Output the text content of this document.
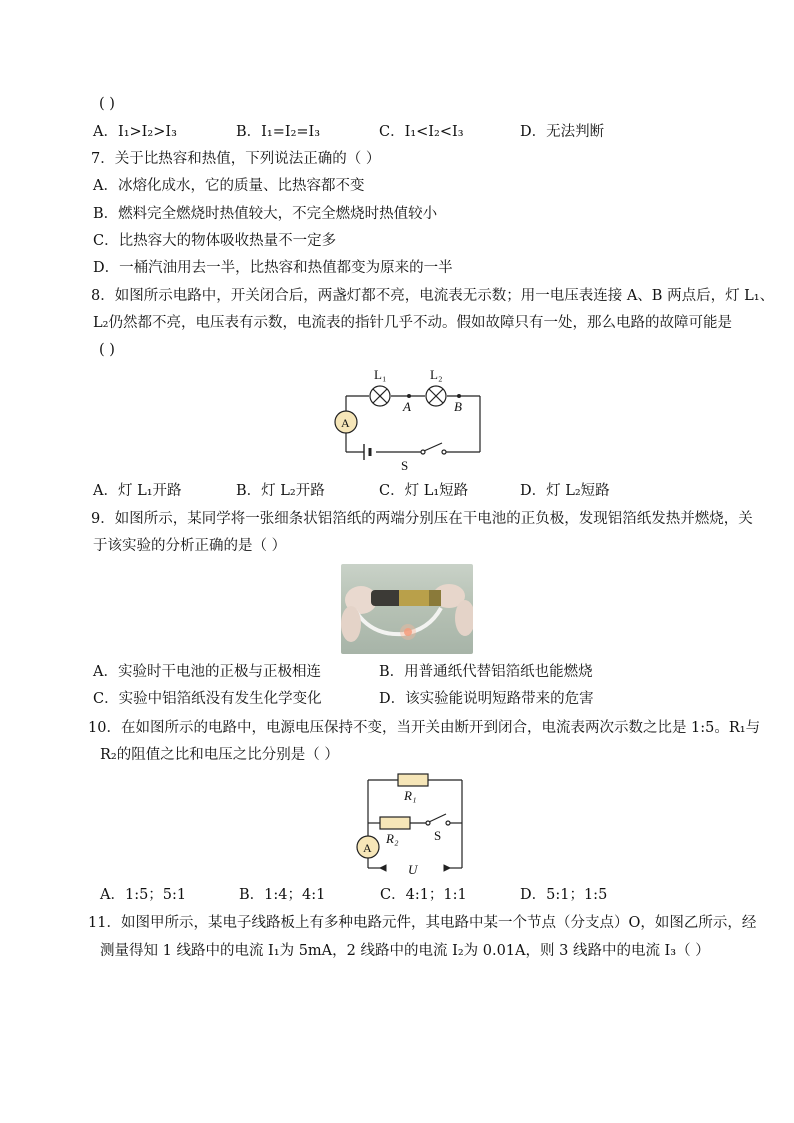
( )
A．I₁>I₂>I₃	B．I₁=I₂=I₃	C．I₁<I₂<I₃	D．无法判断
7．关于比热容和热值，下列说法正确的（ ）
A．冰熔化成水，它的质量、比热容都不变
B．燃料完全燃烧时热值较大，不完全燃烧时热值较小
C．比热容大的物体吸收热量不一定多
D．一桶汽油用去一半，比热容和热值都变为原来的一半
8．如图所示电路中，开关闭合后，两盏灯都不亮，电流表无示数；用一电压表连接 A、B 两点后，灯 L₁、
L₂仍然都不亮，电压表有示数，电流表的指针几乎不动。假如故障只有一处，那么电路的故障可能是
( )
L₁	L₂
A	B
A
S
A．灯 L₁开路	B．灯 L₂开路	C．灯 L₁短路	D．灯 L₂短路
9．如图所示，某同学将一张细条状铝箔纸的两端分别压在干电池的正负极，发现铝箔纸发热并燃烧，关
于该实验的分析正确的是（ ）
A．实验时干电池的正极与正极相连	B．用普通纸代替铝箔纸也能燃烧
C．实验中铝箔纸没有发生化学变化	D．该实验能说明短路带来的危害
10．在如图所示的电路中，电源电压保持不变，当开关由断开到闭合，电流表两次示数之比是 1:5。R₁与
R₂的阻值之比和电压之比分别是（ ）
R₁
R₂	S
A
U
A．1:5；5:1	B．1:4；4:1	C．4:1；1:1	D．5:1；1:5
11．如图甲所示，某电子线路板上有多种电路元件，其电路中某一个节点（分支点）O，如图乙所示，经
测量得知 1 线路中的电流 I₁为 5mA，2 线路中的电流 I₂为 0.01A，则 3 线路中的电流 I₃（ ）
